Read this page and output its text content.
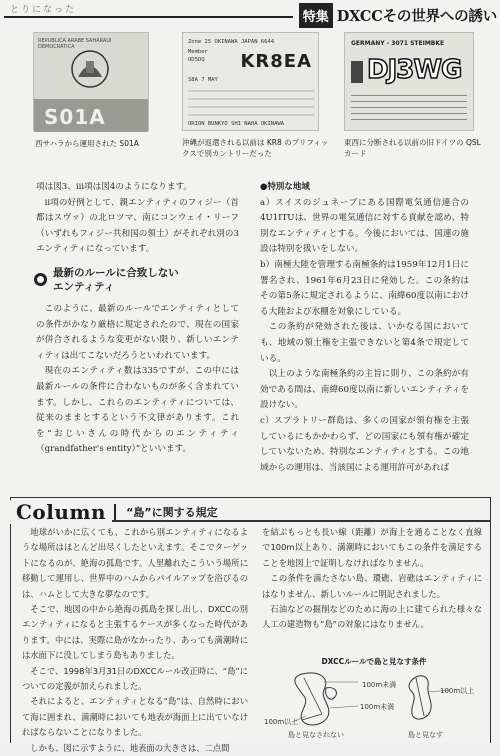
とりになった	特集 DXCCその世界への誘い
REPUBLICA ARABE SAHARAUI DEMOCRATICA
S01A
西サハラから運用された S01A
Zone 25 OKINAWA JAPAN 6644
Member
OD5DQ KR8EA
S8A 7 MAY
ORION BUNKYO SHI NAHA OKINAWA
沖縄が返還される以前は KR8 のプリフィックスで別カントリーだった
GERMANY - 3071 STEIMBKE
DJ3WG
東西に分断される以前の旧ドイツの QSL カード

項は図3、ⅲ項は図4のようになります。

ⅱ項の好例として、親エンティティのフィジー（首都はスヴァ）の北ロツマ、南にコンウェイ・リーフ（いずれもフィジー共和国の領土）がそれぞれ別の3エンティティになっています。

最新のルールに合致しない
エンティティ

このように、最新のルールでエンティティとしての条件がかなり厳格に規定されたので、現在の国家が併合されるような変更がない限り、新しいエンティティは出てこないだろうといわれています。

現在のエンティティ数は335ですが、この中には最新ルールの条件に合わないものが多く含まれています。しかし、これらのエンティティについては、従来のままとするという不文律があります。これを“おじいさんの時代からのエンティティ（grandfather's entity）”といいます。

●特別な地域

a）スイスのジュネーブにある国際電気通信連合の4U1ITUは、世界の電気通信に対する貢献を認め、特別なエンティティとする。今後においては、国連の施設は特別を扱いをしない。

b）南極大陸を管理する南極条約は1959年12月1日に署名され、1961年6月23日に発効した。この条約はその第5条に規定されるように、南緯60度以南における大陸および氷棚を対象にしている。

この条約が発効された後は、いかなる国においても、地域の領土権を主張できないと第4条で規定している。

以上のような南極条約の主旨に則り、この条約が有効である間は、南緯60度以南に新しいエンティティを設けない。

c）スプラトリー群島は、多くの国家が領有権を主張しているにもかかわらず、どの国家にも領有権が確定していないため、特別なエンティティとする。この地域からの運用は、当該国による運用許可があれば

Column	“島”に関する規定

地球がいかに広くても、これから別エンティティになるような場所はほとんど出尽くしたといえます。そこでターゲットになるのが、絶海の孤島です。人里離れたこういう場所に移動して運用し、世界中のハムからパイルアップを浴びるのは、ハムとして大きな夢なのです。

そこで、地図の中から絶海の孤島を探し出し、DXCCの別エンティティになると主張するケースが多くなった時代があります。中には、実際に島がなかったり、あっても満潮時には水面下に没してしまう島もありました。

そこで、1998年3月31日のDXCCルール改正時に、“島”についての定義が加えられました。

それによると、エンティティとなる“島”は、自然時において海に囲まれ、満潮時においても地表が海面上に出ていなければならないことになりました。

しかも、図に示すように、地表面の大きさは、二点間

を結ぶもっとも長い線（距離）が海上を通ることなく直線で100m以上あり、満潮時においてもこの条件を満足することを地図上で証明しなければなりません。

この条件を満たさない島、環礁、岩礁はエンティティにはなりません、新しいルールに明記されました。

石油などの掘削などのために海の上に建てられた様々な人工の建造物も“島”の対象にはなりません。

DXCCルールで島と見なす条件
100m未満
100m未満
100m以上
100m以上
島と見なされない	島と見なす
